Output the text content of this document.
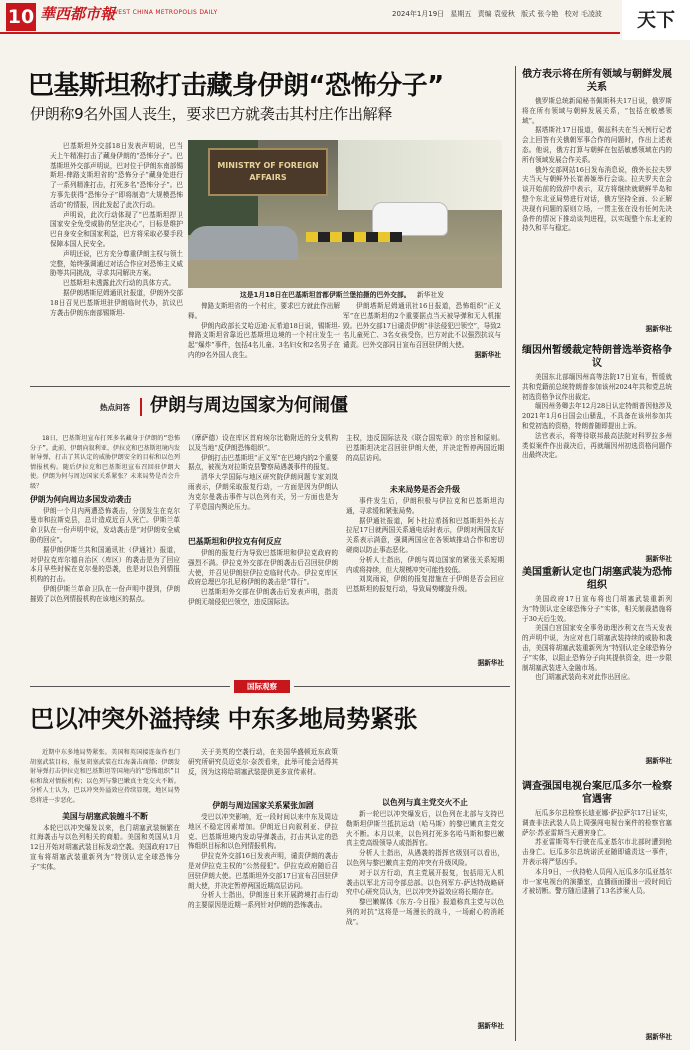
10 華西都市報
WEST CHINA METROPOLIS DAILY	2024年1月19日 星期五 责编 袁爱秋 版式 张今艳 校对 毛凌波	天下
巴基斯坦称打击藏身伊朗“恐怖分子”
伊朗称9名外国人丧生，要求巴方就袭击其村庄作出解释

巴基斯坦外交部18日发表声明说，巴当天上午精准打击了藏身伊朗的“恐怖分子”。巴基斯坦外交部声明说，巴对位于伊朗东南部锡斯坦-俾路支斯坦省的“恐怖分子”藏身处进行了一系列精准打击，打死多名“恐怖分子”。巴方事先获得“恐怖分子”即将制造“大规模恐怖活动”的情报，因此发起了此次行动。

声明说，此次行动体现了“巴基斯坦捍卫国家安全免受威胁的坚定决心”，目标是维护巴自身安全和国家利益，巴方将采取必要手段保障本国人民安全。

声明还说，巴方充分尊重伊朗主权与领土完整，始终强调通过对话合作应对恐怖主义威胁等共同挑战，寻求共同解决方案。

巴基斯坦未透露此次行动的具体方式。

据伊朗塔斯尼姆通讯社报道，伊朗外交部18日召见巴基斯坦驻伊朗临时代办，抗议巴方袭击伊朗东南部锡斯坦-

MINISTRY OF FOREIGN AFFAIRS
这是1月18日在巴基斯坦首都伊斯兰堡拍摄的巴外交部。 新华社发

俾路支斯坦省的一个村庄，要求巴方就此作出解释。

伊朗内政部长艾哈迈迪·瓦希迪18日说，锡斯坦-俾路支斯坦省靠近巴基斯坦边境的一个村庄发生一起“爆炸”事件，包括4名儿童、3名妇女和2名男子在内的9名外国人丧生。

伊朗塔斯尼姆通讯社16日报道，恐怖组织“正义军”在巴基斯坦的2个重要据点当天被导弹和无人机摧毁。巴外交部17日谴责伊朗“非法侵犯巴领空”，导致2名儿童死亡、3名女孩受伤，巴方对此不以强烈抗议与谴责。巴外交部同日宣布召回驻伊朗大使。

据新华社
俄方表示将在所有领域与朝鲜发展关系

俄罗斯总统新闻秘书佩斯科夫17日说，俄罗斯将在所有领域与朝鲜发展关系，“包括在敏感领域”。

据塔斯社17日报道，佩兹科夫在当天例行记者会上回答有关俄朝军事合作的问题时，作出上述表态。他说，俄方打算与朝鲜在包括敏感领域在内的所有领域发展合作关系。

俄外交部网站16日发布消息说，俄外长拉夫罗夫当天与朝鲜外长崔善姬举行会谈。拉夫罗夫在会谈开始前的致辞中表示，双方将继续就朝鲜半岛和整个东北亚局势进行对话，俄方坚持全面、公正解决现有问题的原则立场，一贯主张在没有任何先决条件的情况下推动谈判进程，以实现整个东北亚的持久和平与稳定。

据新华社
缅因州暂缓裁定特朗普选举资格争议

美国东北部缅因州高等法院17日宣布，暂缓就共和党籍前总统特朗普参加该州2024年共和党总统初选资格争议作出裁定。

缅因州务卿去年12月28日认定特朗普因他涉及2021年1月6日国会山骚乱，不具备在该州参加共和党初选的资格，特朗普随即提出上诉。

法官表示，将等待联邦最高法院对科罗拉多州类似案件作出裁决后，再就缅因州初选资格问题作出最终决定。

据新华社
美国重新认定也门胡塞武装为恐怖组织

美国政府17日宣布将也门胡塞武装重新列为“特别认定全球恐怖分子”实体，相关制裁措施将于30天后生效。

美国白宫国家安全事务助理沙利文在当天发表的声明中说，为应对也门胡塞武装持续的威胁和袭击，美国将胡塞武装重新列为“特别认定全球恐怖分子”实体，以阻止恐怖分子向其提供资金，进一步限制胡塞武装进入金融市场。

也门胡塞武装尚未对此作出回应。

据新华社
调查强国电视台案厄瓜多尔一检察官遇害

厄瓜多尔总检察长迪亚娜·萨拉萨尔17日证实，调查非法武装人员上周强闯电视台案件的检察官塞萨尔·苏亚雷斯当天遇害身亡。

苏亚雷斯驾车行驶在瓜亚基尔市北部时遭到枪击身亡。厄瓜多尔总统诺沃亚随即谴责这一事件，并表示将严惩凶手。

本月9日，一伙持枪人员闯入厄瓜多尔瓜亚基尔市一家电视台的演播室，直播画面播出一段时间后才被切断。警方随后逮捕了13名涉案人员。

据新华社
热点问答 伊朗与周边国家为何闹僵
18日，巴基斯坦宣布打死多名藏身于伊朗的“恐怖分子”。此前，伊朗向叙利亚、伊拉克和巴基斯坦境内发射导弹，打击了其认定的威胁伊朗安全的目标和以色列情报机构。随后伊拉克和巴基斯坦宣布召回驻伊朗大使。伊朗为何与周边国家关系紧张？未来局势是否会升级？
伊朗为何向周边多国发动袭击

伊朗一个月内两遭恐怖袭击，分别发生在克尔曼市和拉斯克县，总计造成近百人死亡。伊斯兰革命卫队在一份声明中说，发动袭击是“对伊朗安全威胁的回应”。

据伊朗伊斯兰共和国通讯社（伊通社）报道，对伊拉克库尔德自治区（库区）的袭击是为了回应本月早些时候在克尔曼的恐袭，也是对以色列情报机构的打击。

伊朗伊斯兰革命卫队在一份声明中提到，伊朗摧毁了以色列情报机构在该地区的据点。

（摩萨德）设在库区首府埃尔比勒附近的分支机构以及当地“反伊朗恐怖组织”。

伊朗打击巴基斯坦“正义军”在巴境内的2个重要据点，被视为对拉斯克县警察局遇袭事件的报复。

清华大学国际与地区研究院伊朗问题专家刘岚雨表示，伊朗采取报复行动，一方面是因为伊朗认为克尔曼袭击事件与以色列有关，另一方面也是为了平息国内舆论压力。

巴基斯坦和伊拉克有何反应

伊朗的报复行为导致巴基斯坦和伊拉克政府的强烈不满。伊拉克外交部在伊朗袭击后召回驻伊朗大使，并召见伊朗驻伊拉克临时代办。伊拉克库区政府总理巴尔扎尼称伊朗的袭击是“罪行”。

巴基斯坦外交部在伊朗袭击后发表声明，指责伊朗无端侵犯巴领空，违反国际法。

主权，违反国际法及《联合国宪章》的宗旨和原则。巴基斯坦决定召回驻伊朗大使，并决定暂停两国近期的高层访问。

未来局势是否会升级

事件发生后，伊朗积极与伊拉克和巴基斯坦沟通，寻求缓和紧张局势。

据伊通社报道，阿卜杜拉希扬和巴基斯坦外长吉拉尼17日就两国关系通电话时表示，伊朗对两国友好关系表示满意，强调两国应在各领域推动合作和密切磋商以防止事态恶化。

分析人士指出，伊朗与周边国家的紧张关系短期内或将持续，但大规模冲突可能性较低。

刘岚雨说，伊朗的报复措施在于伊朗是否会回应巴基斯坦的报复行动，导致局势螺旋升级。

据新华社
国际观察
巴以冲突外溢持续 中东多地局势紧张
近期中东多地局势紧张。美国和英国接连轰炸也门胡塞武装目标，报复胡塞武装在红海袭击商船；伊朗发射导弹打击伊拉克和巴基斯坦等国境内的“恐怖组织”目标和敌对情报机构；以色列与黎巴嫩真主党交火不断。分析人士认为，巴以冲突外溢效应持续显现，地区局势恐将进一步恶化。
美国与胡塞武装缠斗不断

本轮巴以冲突爆发以来，也门胡塞武装频繁在红海袭击与以色列相关的商船。美国和英国从1月12日开始对胡塞武装目标发动空袭。美国政府17日宣布将胡塞武装重新列为“特别认定全球恐怖分子”实体。

关于美英的空袭行动，在美国华盛顿近东政策研究所研究员迈克尔·奈茨看来，此举可能会适得其反，因为这将给胡塞武装提供更多宣传素材。

伊朗与周边国家关系紧张加剧

受巴以冲突影响，近一段时间以来中东及周边地区不稳定因素增加。伊朗近日向叙利亚、伊拉克、巴基斯坦境内发动导弹袭击，打击其认定的恐怖组织目标和以色列情报机构。

伊拉克外交部16日发表声明，谴责伊朗的袭击是对伊拉克主权的“公然侵犯”。伊拉克政府随后召回驻伊朗大使。巴基斯坦外交部17日宣布召回驻伊朗大使，并决定暂停两国近期高层访问。

分析人士指出，伊朗连日来开展跨境打击行动的主要原因是近期一系列针对伊朗的恐怖袭击。

以色列与真主党交火不止

新一轮巴以冲突爆发后，以色列在北部与支持巴勒斯坦伊斯兰抵抗运动（哈马斯）的黎巴嫩真主党交火不断。本月以来，以色列打死多名哈马斯和黎巴嫩真主党高级领导人或指挥官。

分析人士指出，从遇袭的指挥官级别可以看出，以色列与黎巴嫩真主党的冲突有升级风险。

对于以方行动，真主党展开报复，包括用无人机袭击以军北方司令部总部。以色列军方-萨达特战略研究中心研究员认为，巴以冲突外溢效应将长期存在。

黎巴嫩媒体《东方-今日报》报道称真主党与以色列的对抗“这将是一场漫长的战斗，一场耐心的消耗战”。

据新华社
